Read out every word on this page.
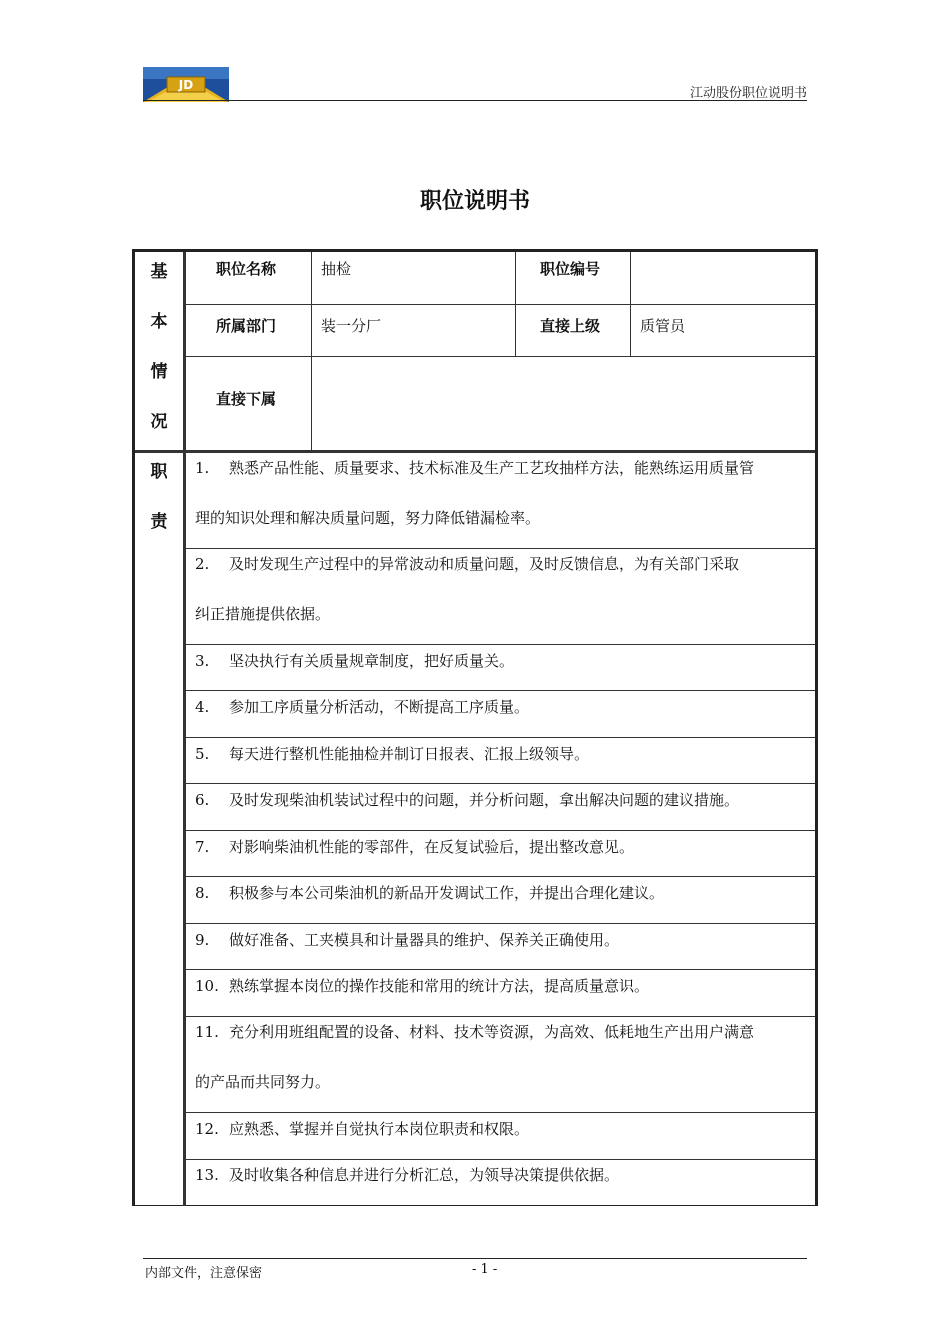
JD
江动股份职位说明书
职位说明书
基
本
情
况
职位名称	抽检	职位编号
所属部门	装一分厂	直接上级	质管员
直接下属
职
责
1. 熟悉产品性能、质量要求、技术标准及生产工艺玫抽样方法，能熟练运用质量管
理的知识处理和解决质量问题，努力降低错漏检率。
2. 及时发现生产过程中的异常波动和质量问题，及时反馈信息，为有关部门采取
纠正措施提供依据。
3. 坚决执行有关质量规章制度，把好质量关。
4. 参加工序质量分析活动，不断提高工序质量。
5. 每天进行整机性能抽检并制订日报表、汇报上级领导。
6. 及时发现柴油机装试过程中的问题，并分析问题，拿出解决问题的建议措施。
7. 对影响柴油机性能的零部件，在反复试验后，提出整改意见。
8. 积极参与本公司柴油机的新品开发调试工作，并提出合理化建议。
9. 做好准备、工夹模具和计量器具的维护、保养关正确使用。
10. 熟练掌握本岗位的操作技能和常用的统计方法，提高质量意识。
11. 充分利用班组配置的设备、材料、技术等资源，为高效、低耗地生产出用户满意
的产品而共同努力。
12. 应熟悉、掌握并自觉执行本岗位职责和权限。
13. 及时收集各种信息并进行分析汇总，为领导决策提供依据。
内部文件，注意保密	- 1 -
